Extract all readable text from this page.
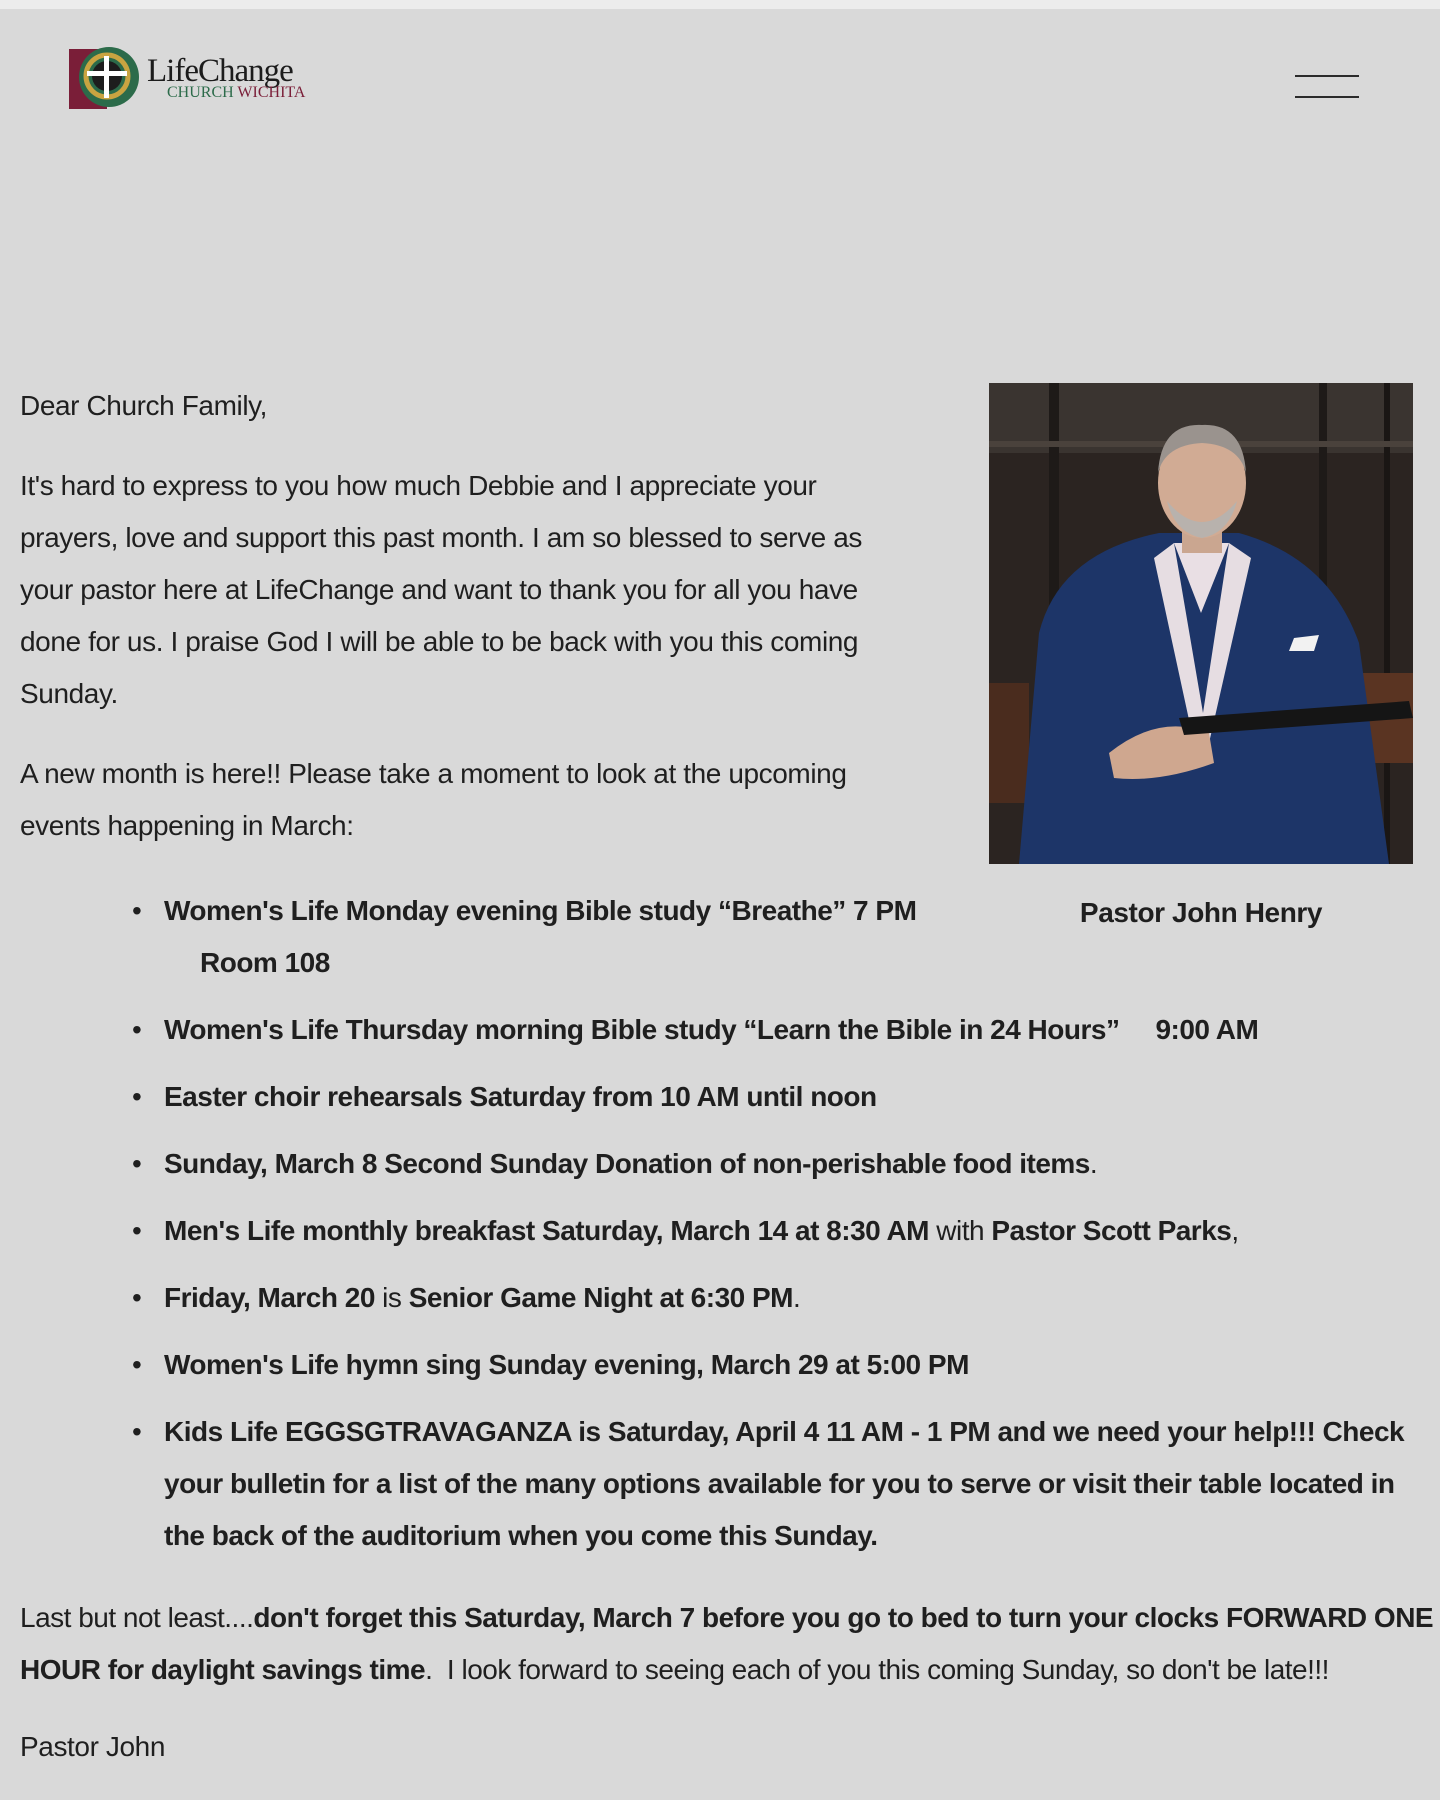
LifeChange
CHURCH WICHITA

Dear Church Family,

It's hard to express to you how much Debbie and I appreciate your prayers, love and support this past month. I am so blessed to serve as your pastor here at LifeChange and want to thank you for all you have done for us. I praise God I will be able to be back with you this coming Sunday.

A new month is here!! Please take a moment to look at the upcoming events happening in March:

Pastor John Henry
• Women's Life Monday evening Bible study “Breathe” 7 PMRoom 108
• Women's Life Thursday morning Bible study “Learn the Bible in 24 Hours” 9:00 AM
• Easter choir rehearsals Saturday from 10 AM until noon
• Sunday, March 8 Second Sunday Donation of non-perishable food items.
• Men's Life monthly breakfast Saturday, March 14 at 8:30 AM with Pastor Scott Parks,
• Friday, March 20 is Senior Game Night at 6:30 PM.
• Women's Life hymn sing Sunday evening, March 29 at 5:00 PM
• Kids Life EGGSGTRAVAGANZA is Saturday, April 4 11 AM - 1 PM and we need your help!!! Check your bulletin for a list of the many options available for you to serve or visit their table located in the back of the auditorium when you come this Sunday.
Last but not least....don't forget this Saturday, March 7 before you go to bed to turn your clocks FORWARD ONE HOUR for daylight savings time.  I look forward to seeing each of you this coming Sunday, so don't be late!!!
Pastor John
